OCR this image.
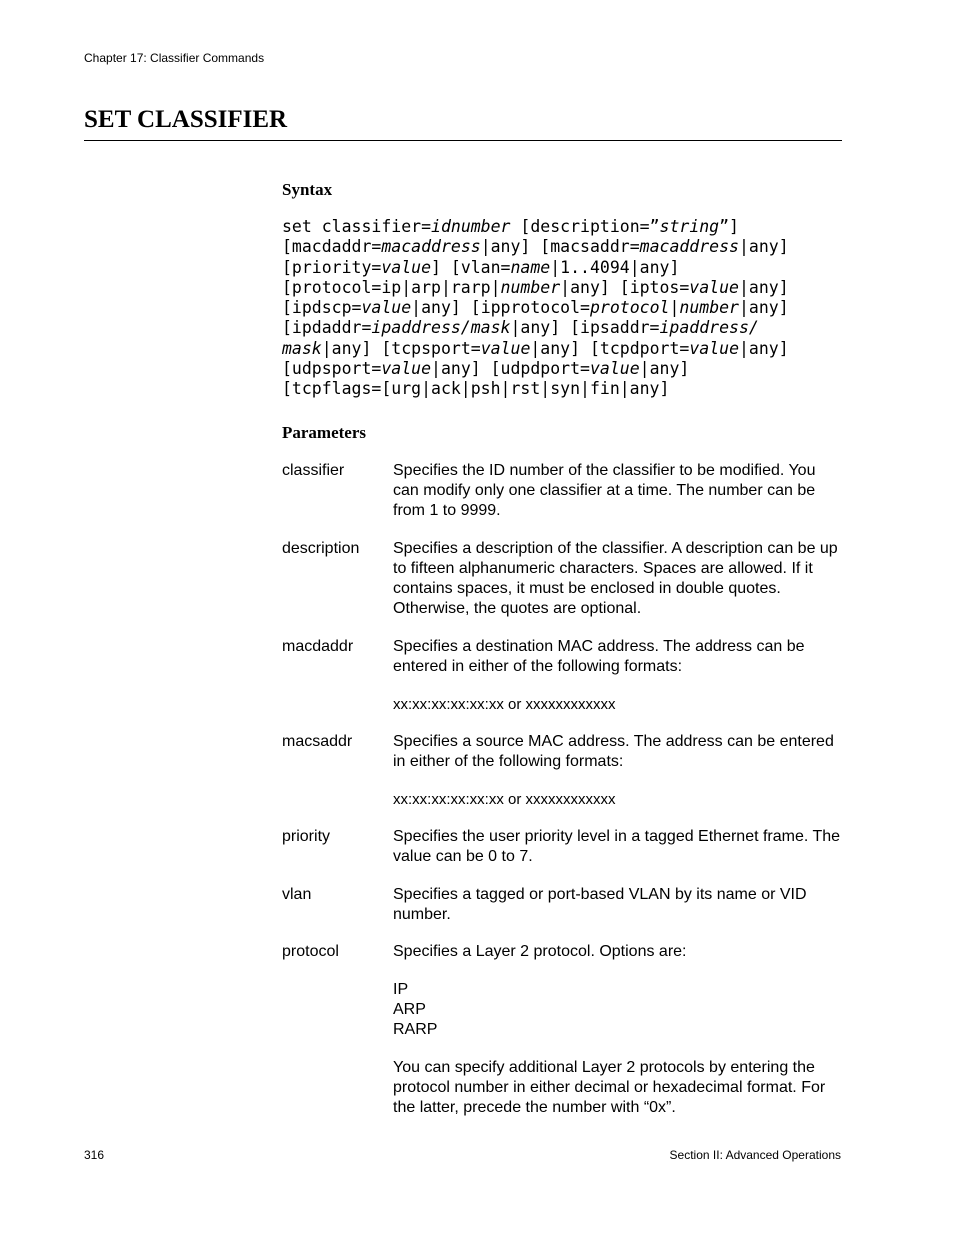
Chapter 17: Classifier Commands
SET CLASSIFIER
Syntax
set classifier=idnumber [description=”string”]
[macdaddr=macaddress|any] [macsaddr=macaddress|any]
[priority=value] [vlan=name|1..4094|any]
[protocol=ip|arp|rarp|number|any] [iptos=value|any]
[ipdscp=value|any] [ipprotocol=protocol|number|any]
[ipdaddr=ipaddress/mask|any] [ipsaddr=ipaddress/
mask|any] [tcpsport=value|any] [tcpdport=value|any]
[udpsport=value|any] [udpdport=value|any]
[tcpflags=[urg|ack|psh|rst|syn|fin|any]
Parameters
classifier	Specifies the ID number of the classifier to be modified. You can modify only one classifier at a time. The number can be from 1 to 9999.

description Specifies a description of the classifier. A description can be up to fifteen alphanumeric characters. Spaces are allowed. If it contains spaces, it must be enclosed in double quotes. Otherwise, the quotes are optional.

macdaddr Specifies a destination MAC address. The address can be entered in either of the following formats:

xx:xx:xx:xx:xx:xx or xxxxxxxxxxxx

macsaddr	Specifies a source MAC address. The address can be entered in either of the following formats:

xx:xx:xx:xx:xx:xx or xxxxxxxxxxxx

priority	Specifies the user priority level in a tagged Ethernet frame. The value can be 0 to 7.

vlan	Specifies a tagged or port-based VLAN by its name or VID number.

protocol	Specifies a Layer 2 protocol. Options are:

IP
ARP
RARP

You can specify additional Layer 2 protocols by entering the protocol number in either decimal or hexadecimal format. For the latter, precede the number with “0x”.

316	Section II: Advanced Operations
